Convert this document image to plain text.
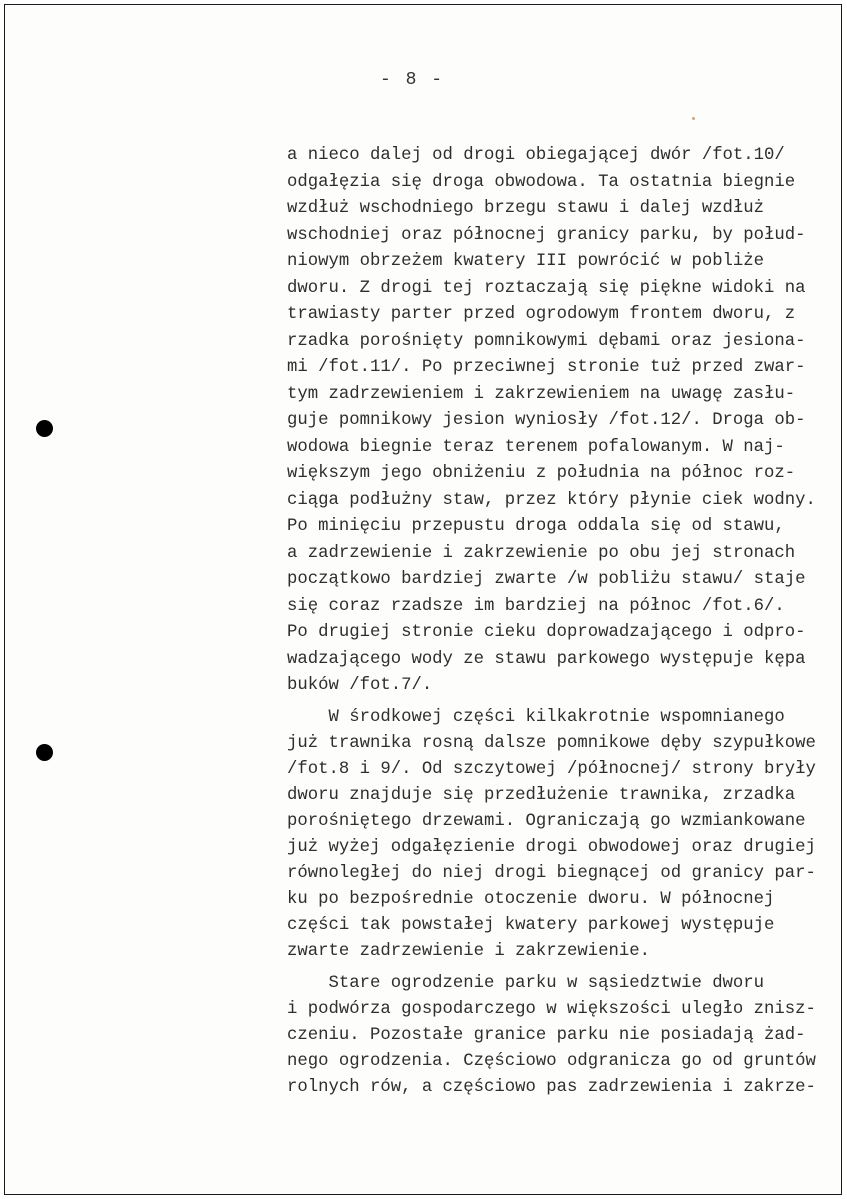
- 8 -
a nieco dalej od drogi obiegającej dwór /fot.10/
odgałęzia się droga obwodowa. Ta ostatnia biegnie
wzdłuż wschodniego brzegu stawu i dalej wzdłuż
wschodniej oraz północnej granicy parku, by połud-
niowym obrzeżem kwatery III powrócić w pobliże
dworu. Z drogi tej roztaczają się piękne widoki na
trawiasty parter przed ogrodowym frontem dworu, z
rzadka porośnięty pomnikowymi dębami oraz jesiona-
mi /fot.11/. Po przeciwnej stronie tuż przed zwar-
tym zadrzewieniem i zakrzewieniem na uwagę zasłu-
guje pomnikowy jesion wyniosły /fot.12/. Droga ob-
wodowa biegnie teraz terenem pofalowanym. W naj-
większym jego obniżeniu z południa na północ roz-
ciąga podłużny staw, przez który płynie ciek wodny.
Po minięciu przepustu droga oddala się od stawu,
a zadrzewienie i zakrzewienie po obu jej stronach
początkowo bardziej zwarte /w pobliżu stawu/ staje
się coraz rzadsze im bardziej na północ /fot.6/.
Po drugiej stronie cieku doprowadzającego i odpro-
wadzającego wody ze stawu parkowego występuje kępa
buków /fot.7/.
W środkowej części kilkakrotnie wspomnianego
już trawnika rosną dalsze pomnikowe dęby szypułkowe
/fot.8 i 9/. Od szczytowej /północnej/ strony bryły
dworu znajduje się przedłużenie trawnika, zrzadka
porośniętego drzewami. Ograniczają go wzmiankowane
już wyżej odgałęzienie drogi obwodowej oraz drugiej
równoległej do niej drogi biegnącej od granicy par-
ku po bezpośrednie otoczenie dworu. W północnej
części tak powstałej kwatery parkowej występuje
zwarte zadrzewienie i zakrzewienie.
Stare ogrodzenie parku w sąsiedztwie dworu
i podwórza gospodarczego w większości uległo znisz-
czeniu. Pozostałe granice parku nie posiadają żad-
nego ogrodzenia. Częściowo odgranicza go od gruntów
rolnych rów, a częściowo pas zadrzewienia i zakrze-
